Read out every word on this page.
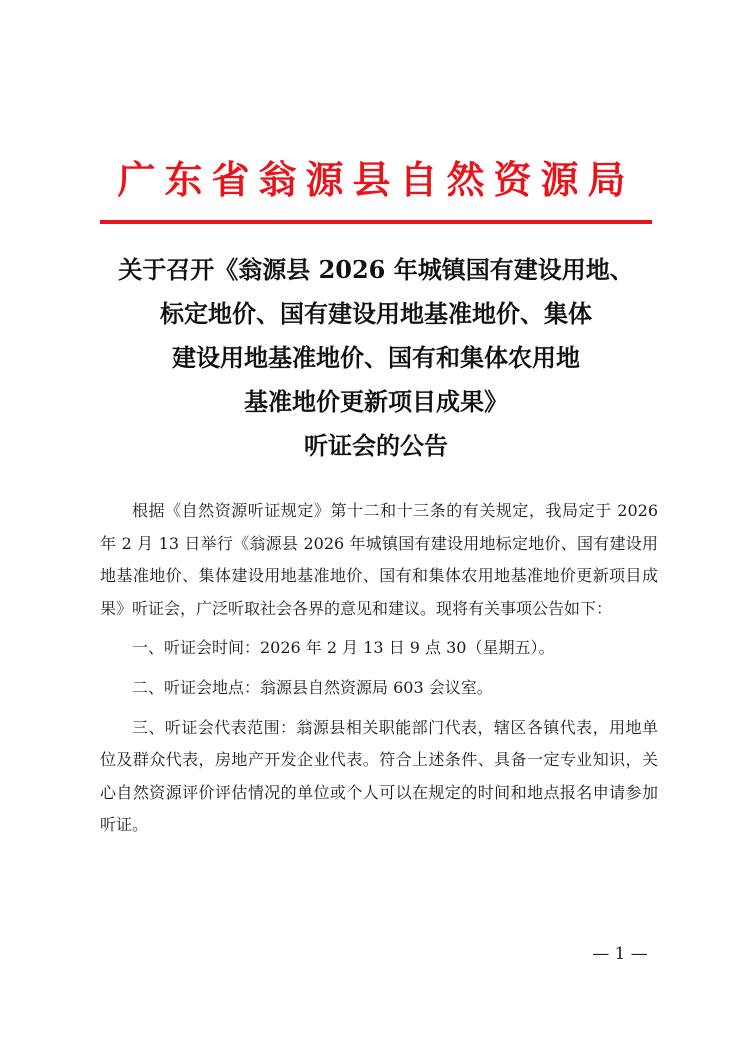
广东省翁源县自然资源局
关于召开《翁源县 2026 年城镇国有建设用地、
标定地价、国有建设用地基准地价、集体
建设用地基准地价、国有和集体农用地
基准地价更新项目成果》
听证会的公告

根据《自然资源听证规定》第十二和十三条的有关规定，我局定于 2026 年 2 月 13 日举行《翁源县 2026 年城镇国有建设用地标定地价、国有建设用地基准地价、集体建设用地基准地价、国有和集体农用地基准地价更新项目成果》听证会，广泛听取社会各界的意见和建议。现将有关事项公告如下：

一、听证会时间：2026 年 2 月 13 日 9 点 30（星期五）。

二、听证会地点：翁源县自然资源局 603 会议室。

三、听证会代表范围：翁源县相关职能部门代表，辖区各镇代表，用地单位及群众代表，房地产开发企业代表。符合上述条件、具备一定专业知识，关心自然资源评价评估情况的单位或个人可以在规定的时间和地点报名申请参加听证。

— 1 —
